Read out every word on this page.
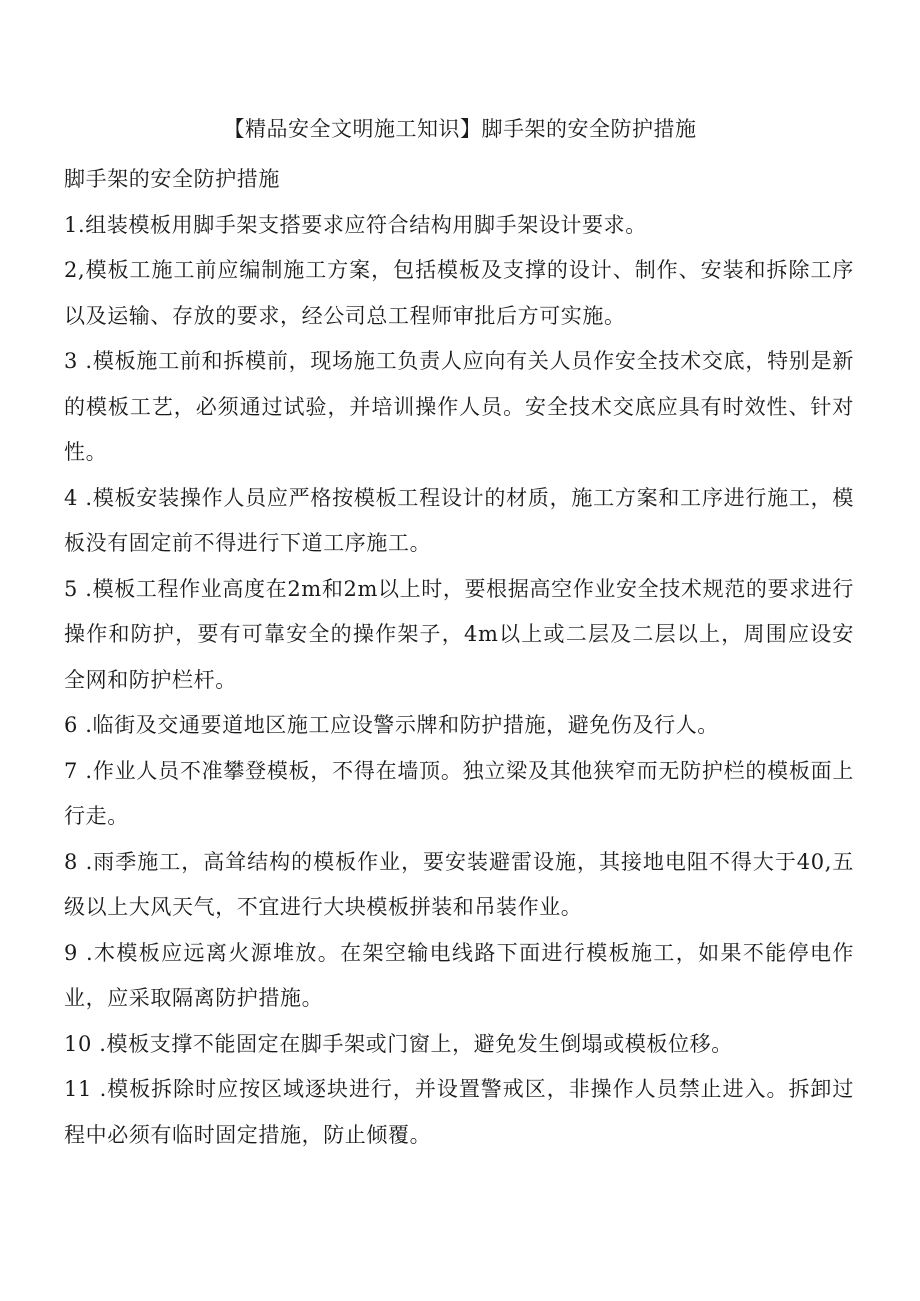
【精品安全文明施工知识】脚手架的安全防护措施

脚手架的安全防护措施

1.组装模板用脚手架支搭要求应符合结构用脚手架设计要求。

2,模板工施工前应编制施工方案，包括模板及支撑的设计、制作、安装和拆除工序以及运输、存放的要求，经公司总工程师审批后方可实施。

3 .模板施工前和拆模前，现场施工负责人应向有关人员作安全技术交底，特别是新的模板工艺，必须通过试验，并培训操作人员。安全技术交底应具有时效性、针对性。

4 .模板安装操作人员应严格按模板工程设计的材质，施工方案和工序进行施工，模板没有固定前不得进行下道工序施工。

5 .模板工程作业高度在2m和2m以上时，要根据高空作业安全技术规范的要求进行操作和防护，要有可靠安全的操作架子，4m以上或二层及二层以上，周围应设安全网和防护栏杆。

6 .临街及交通要道地区施工应设警示牌和防护措施，避免伤及行人。

7 .作业人员不准攀登模板，不得在墙顶。独立梁及其他狭窄而无防护栏的模板面上行走。

8 .雨季施工，高耸结构的模板作业，要安装避雷设施，其接地电阻不得大于40,五级以上大风天气，不宜进行大块模板拼装和吊装作业。

9 .木模板应远离火源堆放。在架空输电线路下面进行模板施工，如果不能停电作业，应采取隔离防护措施。

10 .模板支撑不能固定在脚手架或门窗上，避免发生倒塌或模板位移。

11 .模板拆除时应按区域逐块进行，并设置警戒区，非操作人员禁止进入。拆卸过程中必须有临时固定措施，防止倾覆。
